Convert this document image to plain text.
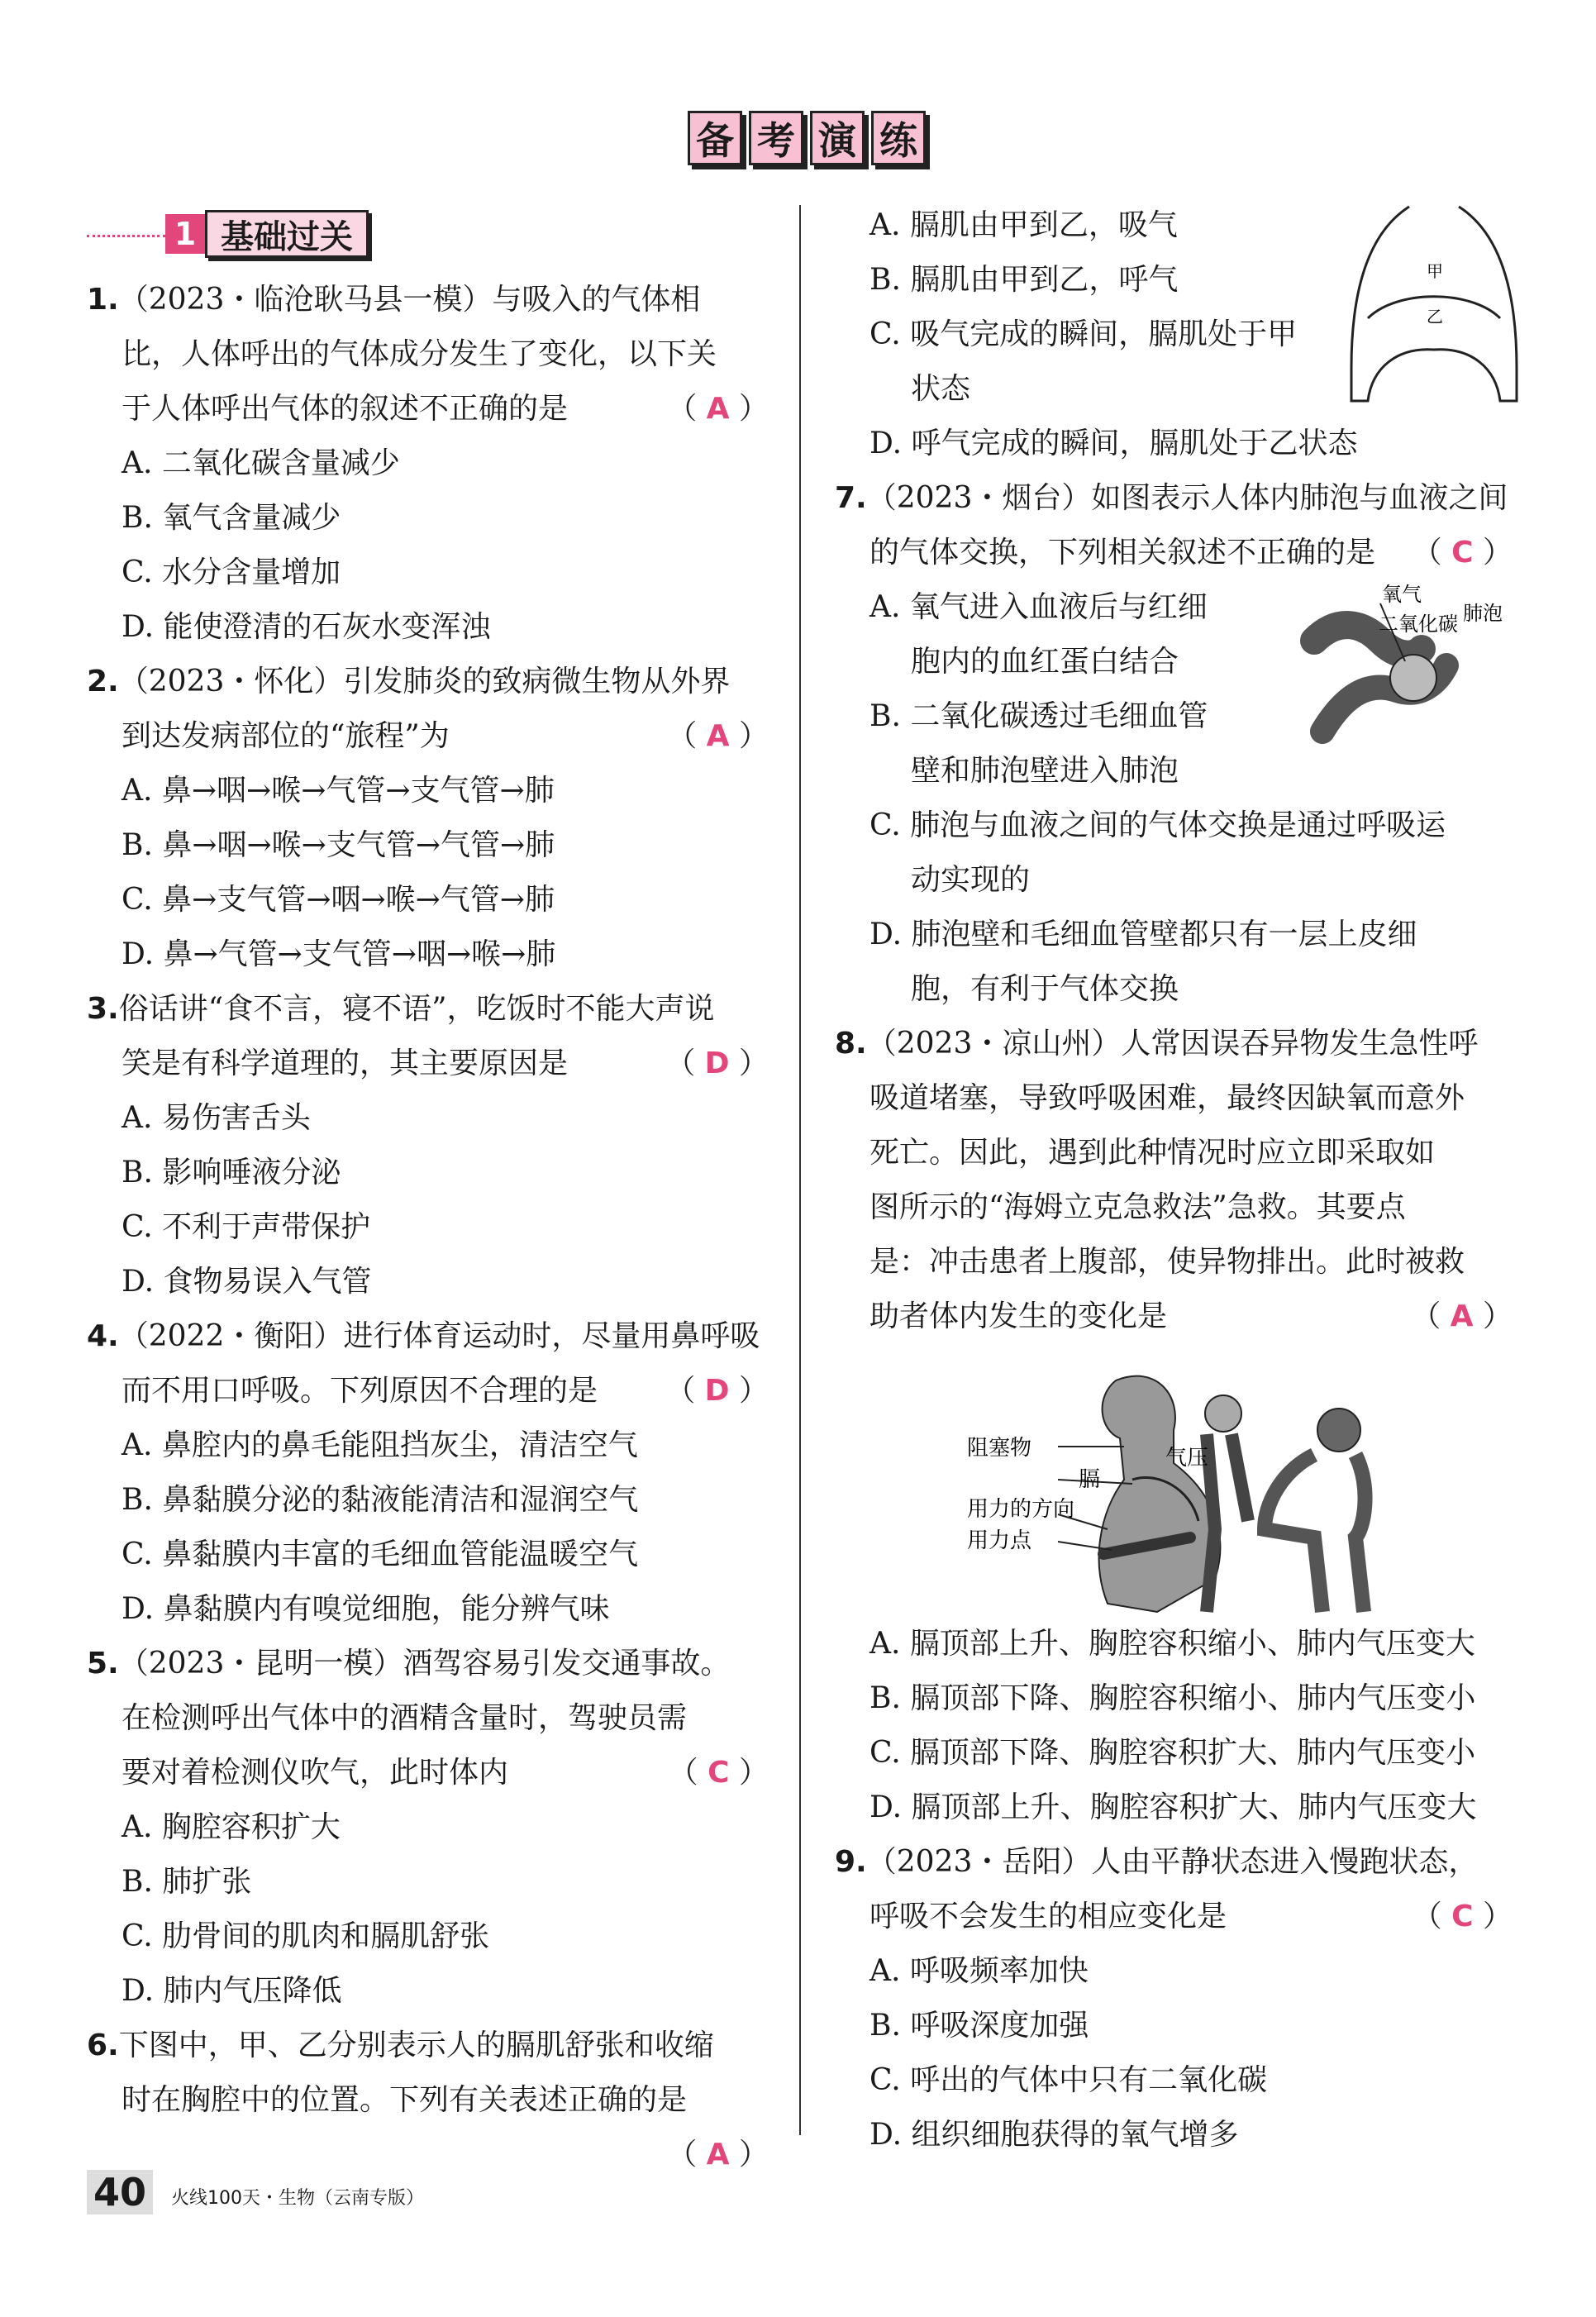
备 考 演 练
1 基础过关
1.（2023・临沧耿马县一模）与吸入的气体相
比，人体呼出的气体成分发生了变化，以下关
于人体呼出气体的叙述不正确的是	（ A ）
A. 二氧化碳含量减少
B. 氧气含量减少
C. 水分含量增加
D. 能使澄清的石灰水变浑浊
2.（2023・怀化）引发肺炎的致病微生物从外界
到达发病部位的“旅程”为	（ A ）
A. 鼻→咽→喉→气管→支气管→肺
B. 鼻→咽→喉→支气管→气管→肺
C. 鼻→支气管→咽→喉→气管→肺
D. 鼻→气管→支气管→咽→喉→肺
3.俗话讲“食不言，寝不语”，吃饭时不能大声说
笑是有科学道理的，其主要原因是	（ D ）
A. 易伤害舌头
B. 影响唾液分泌
C. 不利于声带保护
D. 食物易误入气管
4.（2022・衡阳）进行体育运动时，尽量用鼻呼吸
而不用口呼吸。下列原因不合理的是 （ D ）
A. 鼻腔内的鼻毛能阻挡灰尘，清洁空气
B. 鼻黏膜分泌的黏液能清洁和湿润空气
C. 鼻黏膜内丰富的毛细血管能温暖空气
D. 鼻黏膜内有嗅觉细胞，能分辨气味
5.（2023・昆明一模）酒驾容易引发交通事故。
在检测呼出气体中的酒精含量时，驾驶员需
要对着检测仪吹气，此时体内	（ C ）
A. 胸腔容积扩大
B. 肺扩张
C. 肋骨间的肌肉和膈肌舒张
D. 肺内气压降低
6.下图中，甲、乙分别表示人的膈肌舒张和收缩
时在胸腔中的位置。下列有关表述正确的是
（ A ）
A. 膈肌由甲到乙，吸气
B. 膈肌由甲到乙，呼气
C. 吸气完成的瞬间，膈肌处于甲
状态
D. 呼气完成的瞬间，膈肌处于乙状态
7.（2023・烟台）如图表示人体内肺泡与血液之间
的气体交换，下列相关叙述不正确的是 （ C ）
A. 氧气进入血液后与红细
胞内的血红蛋白结合
B. 二氧化碳透过毛细血管
壁和肺泡壁进入肺泡
C. 肺泡与血液之间的气体交换是通过呼吸运
动实现的
D. 肺泡壁和毛细血管壁都只有一层上皮细
胞，有利于气体交换
8.（2023・凉山州）人常因误吞异物发生急性呼
吸道堵塞，导致呼吸困难，最终因缺氧而意外
死亡。因此，遇到此种情况时应立即采取如
图所示的“海姆立克急救法”急救。其要点
是：冲击患者上腹部，使异物排出。此时被救
助者体内发生的变化是	（ A ）
A. 膈顶部上升、胸腔容积缩小、肺内气压变大
B. 膈顶部下降、胸腔容积缩小、肺内气压变小
C. 膈顶部下降、胸腔容积扩大、肺内气压变小
D. 膈顶部上升、胸腔容积扩大、肺内气压变大
9.（2023・岳阳）人由平静状态进入慢跑状态，
呼吸不会发生的相应变化是	（ C ）
A. 呼吸频率加快
B. 呼吸深度加强
C. 呼出的气体中只有二氧化碳
D. 组织细胞获得的氧气增多
甲
乙
氧气
二氧化碳 肺泡
阻塞物	气压
膈
用力的方向
用力点
40	火线100天・生物（云南专版）
